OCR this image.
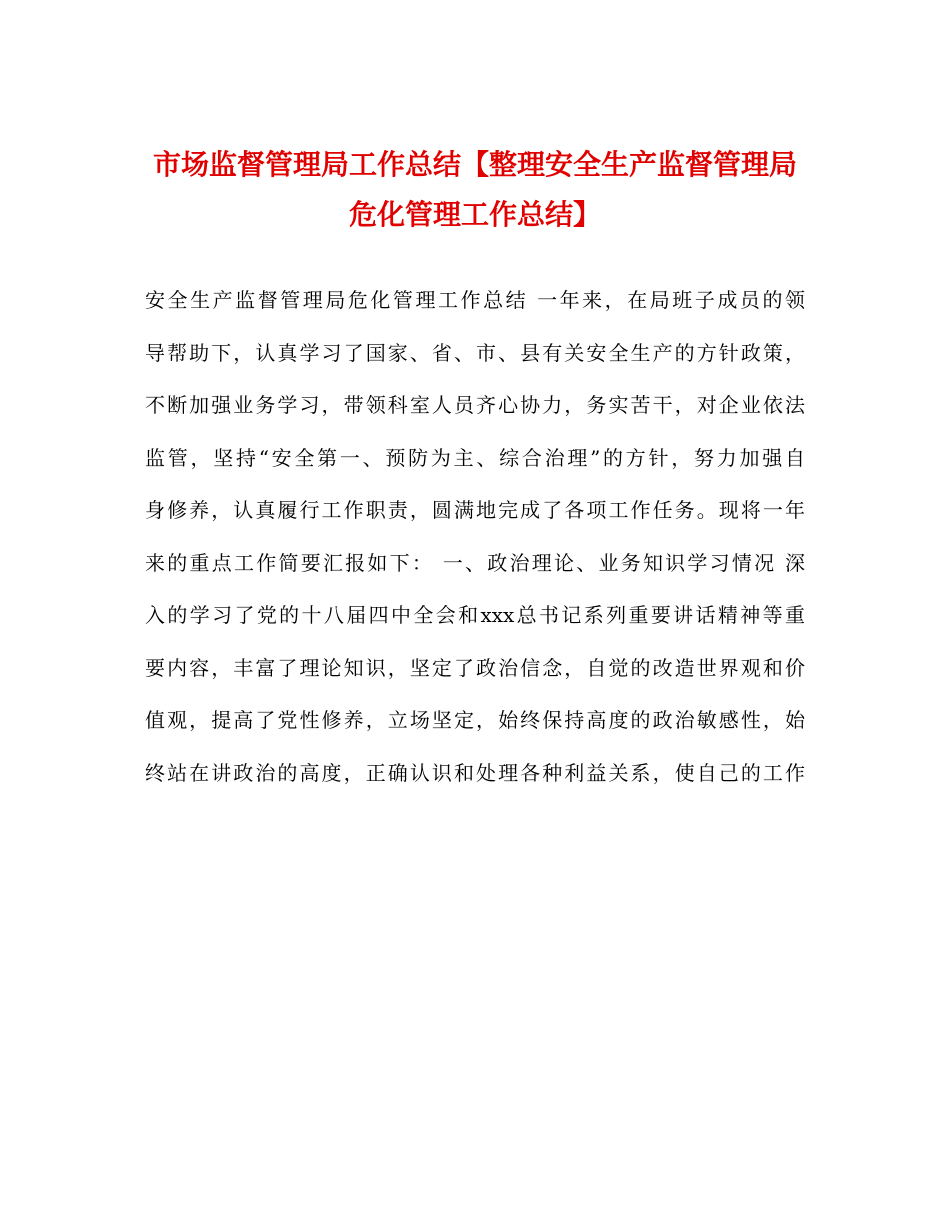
市场监督管理局工作总结【整理安全生产监督管理局
危化管理工作总结】
安全生产监督管理局危化管理工作总结 一年来，在局班子成员的领
导帮助下，认真学习了国家、省、市、县有关安全生产的方针政策，
不断加强业务学习，带领科室人员齐心协力，务实苦干，对企业依法
监管，坚持“安全第一、预防为主、综合治理”的方针，努力加强自
身修养，认真履行工作职责，圆满地完成了各项工作任务。现将一年
来的重点工作简要汇报如下： 一、政治理论、业务知识学习情况 深
入的学习了党的十八届四中全会和xxx总书记系列重要讲话精神等重
要内容，丰富了理论知识，坚定了政治信念，自觉的改造世界观和价
值观，提高了党性修养，立场坚定，始终保持高度的政治敏感性，始
终站在讲政治的高度，正确认识和处理各种利益关系，使自己的工作
